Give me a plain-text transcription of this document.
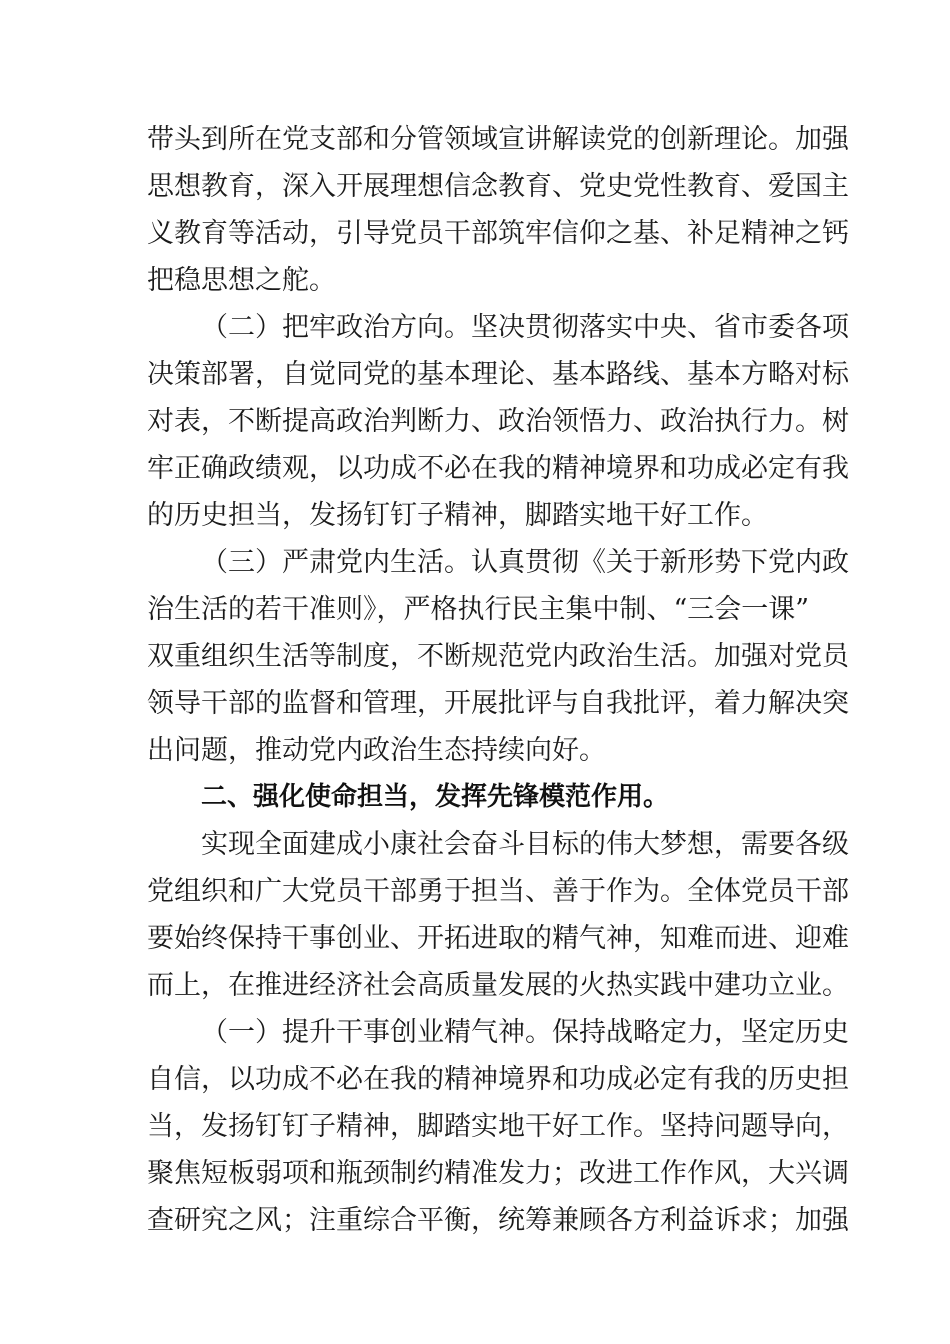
带头到所在党支部和分管领域宣讲解读党的创新理论。加强
思想教育，深入开展理想信念教育、党史党性教育、爱国主
义教育等活动，引导党员干部筑牢信仰之基、补足精神之钙
把稳思想之舵。
（二）把牢政治方向。坚决贯彻落实中央、省市委各项
决策部署，自觉同党的基本理论、基本路线、基本方略对标
对表，不断提高政治判断力、政治领悟力、政治执行力。树
牢正确政绩观，以功成不必在我的精神境界和功成必定有我
的历史担当，发扬钉钉子精神，脚踏实地干好工作。
（三）严肃党内生活。认真贯彻《关于新形势下党内政
治生活的若干准则》，严格执行民主集中制、“三会一课”
双重组织生活等制度，不断规范党内政治生活。加强对党员
领导干部的监督和管理，开展批评与自我批评，着力解决突
出问题，推动党内政治生态持续向好。
二、强化使命担当，发挥先锋模范作用。
实现全面建成小康社会奋斗目标的伟大梦想，需要各级
党组织和广大党员干部勇于担当、善于作为。全体党员干部
要始终保持干事创业、开拓进取的精气神，知难而进、迎难
而上，在推进经济社会高质量发展的火热实践中建功立业。
（一）提升干事创业精气神。保持战略定力，坚定历史
自信，以功成不必在我的精神境界和功成必定有我的历史担
当，发扬钉钉子精神，脚踏实地干好工作。坚持问题导向，
聚焦短板弱项和瓶颈制约精准发力；改进工作作风，大兴调
查研究之风；注重综合平衡，统筹兼顾各方利益诉求；加强
